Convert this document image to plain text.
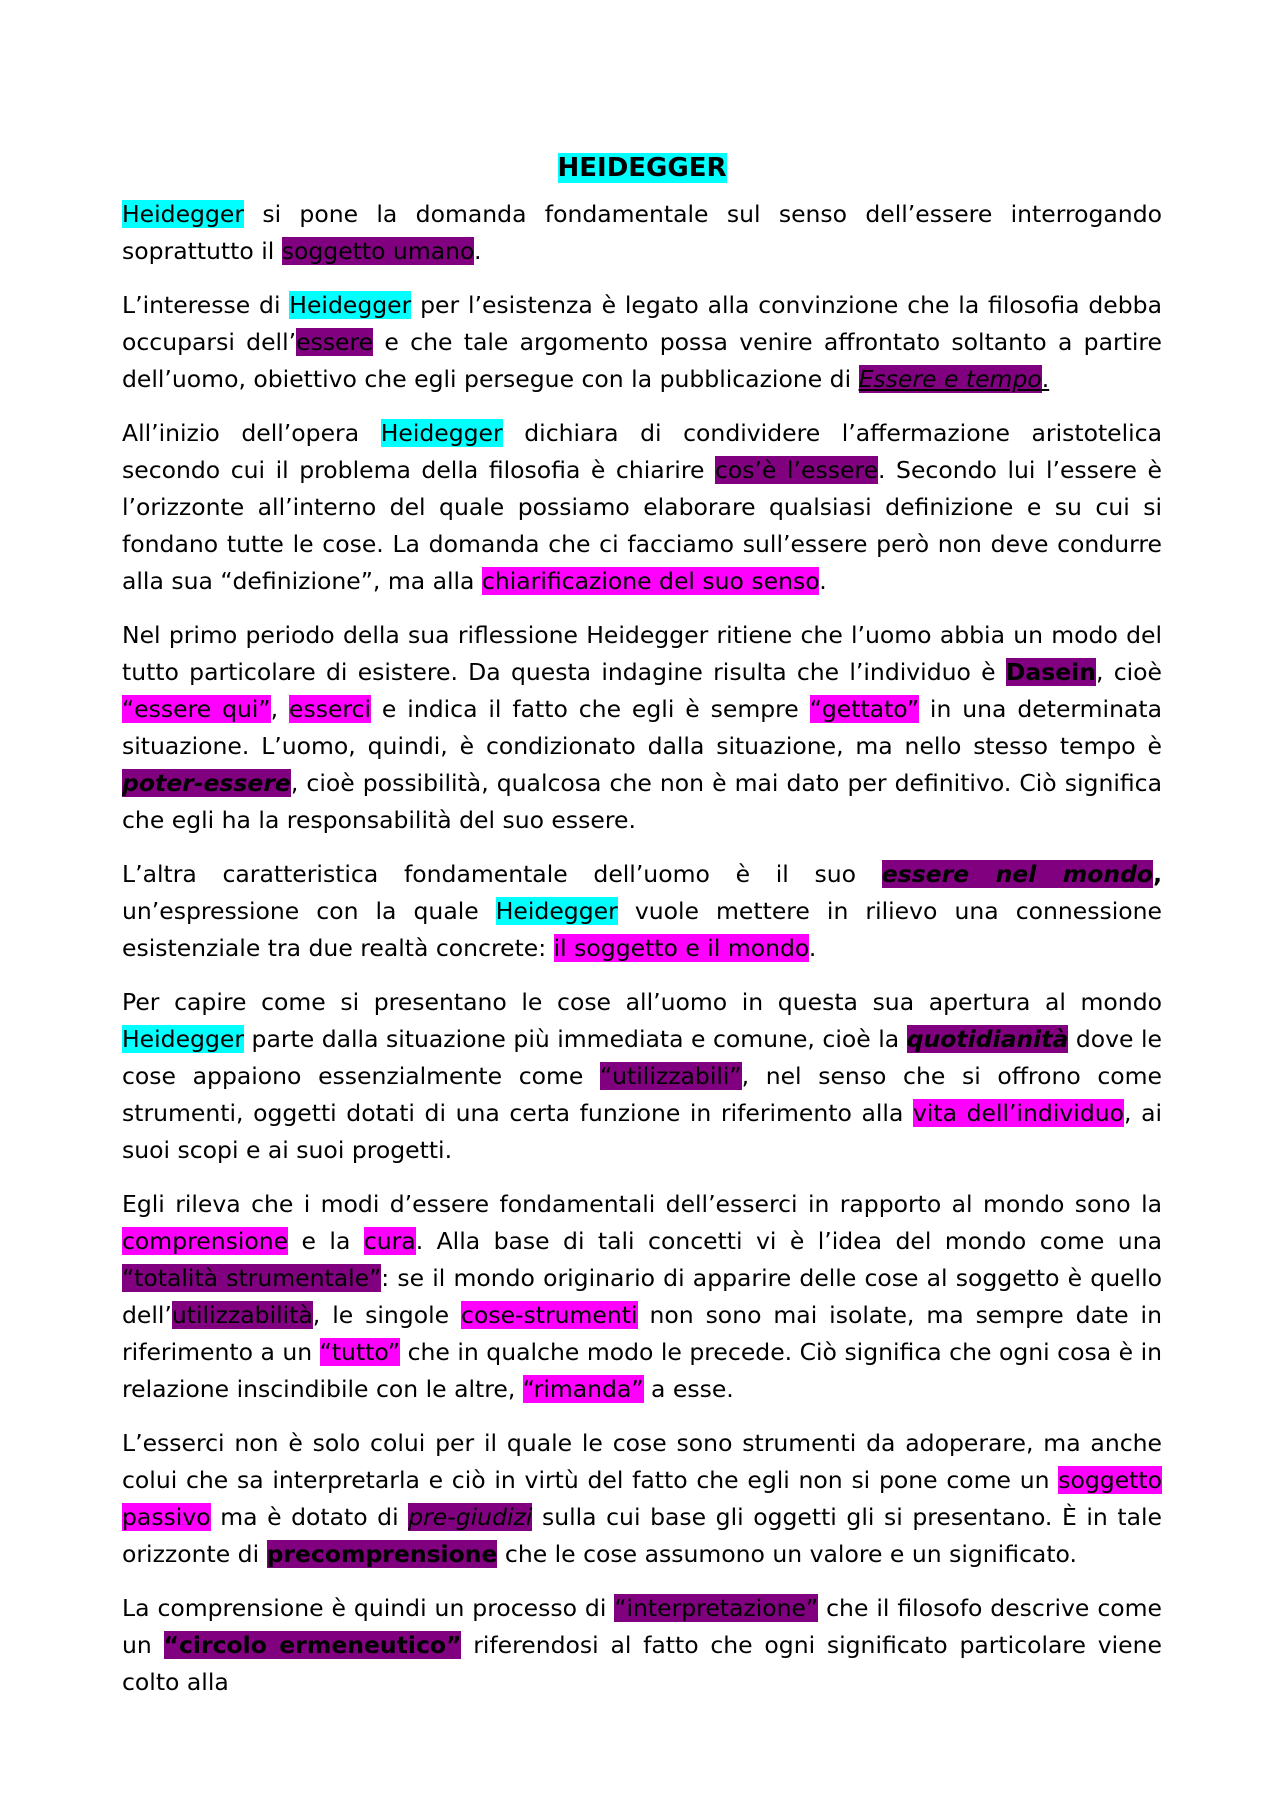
HEIDEGGER

Heidegger si pone la domanda fondamentale sul senso dell’essere interrogando soprattutto il soggetto umano.

L’interesse di Heidegger per l’esistenza è legato alla convinzione che la filosofia debba occuparsi dell’essere e che tale argomento possa venire affrontato soltanto a partire dell’uomo, obiettivo che egli persegue con la pubblicazione di Essere e tempo.

All’inizio dell’opera Heidegger dichiara di condividere l’affermazione aristotelica secondo cui il problema della filosofia è chiarire cos’è l’essere. Secondo lui l’essere è l’orizzonte all’interno del quale possiamo elaborare qualsiasi definizione e su cui si fondano tutte le cose. La domanda che ci facciamo sull’essere però non deve condurre alla sua “definizione”, ma alla chiarificazione del suo senso.

Nel primo periodo della sua riflessione Heidegger ritiene che l’uomo abbia un modo del tutto particolare di esistere. Da questa indagine risulta che l’individuo è Dasein, cioè “essere qui”, esserci e indica il fatto che egli è sempre “gettato” in una determinata situazione. L’uomo, quindi, è condizionato dalla situazione, ma nello stesso tempo è poter-essere, cioè possibilità, qualcosa che non è mai dato per definitivo. Ciò significa che egli ha la responsabilità del suo essere.

L’altra caratteristica fondamentale dell’uomo è il suo essere nel mondo, un’espressione con la quale Heidegger vuole mettere in rilievo una connessione esistenziale tra due realtà concrete: il soggetto e il mondo.

Per capire come si presentano le cose all’uomo in questa sua apertura al mondo Heidegger parte dalla situazione più immediata e comune, cioè la quotidianità dove le cose appaiono essenzialmente come “utilizzabili”, nel senso che si offrono come strumenti, oggetti dotati di una certa funzione in riferimento alla vita dell’individuo, ai suoi scopi e ai suoi progetti.

Egli rileva che i modi d’essere fondamentali dell’esserci in rapporto al mondo sono la comprensione e la cura. Alla base di tali concetti vi è l’idea del mondo come una “totalità strumentale”: se il mondo originario di apparire delle cose al soggetto è quello dell’utilizzabilità, le singole cose-strumenti non sono mai isolate, ma sempre date in riferimento a un “tutto” che in qualche modo le precede. Ciò significa che ogni cosa è in relazione inscindibile con le altre, “rimanda” a esse.

L’esserci non è solo colui per il quale le cose sono strumenti da adoperare, ma anche colui che sa interpretarla e ciò in virtù del fatto che egli non si pone come un soggetto passivo ma è dotato di pre-giudizi sulla cui base gli oggetti gli si presentano. È in tale orizzonte di precomprensione che le cose assumono un valore e un significato.

La comprensione è quindi un processo di “interpretazione” che il filosofo descrive come un “circolo ermeneutico” riferendosi al fatto che ogni significato particolare viene colto alla
